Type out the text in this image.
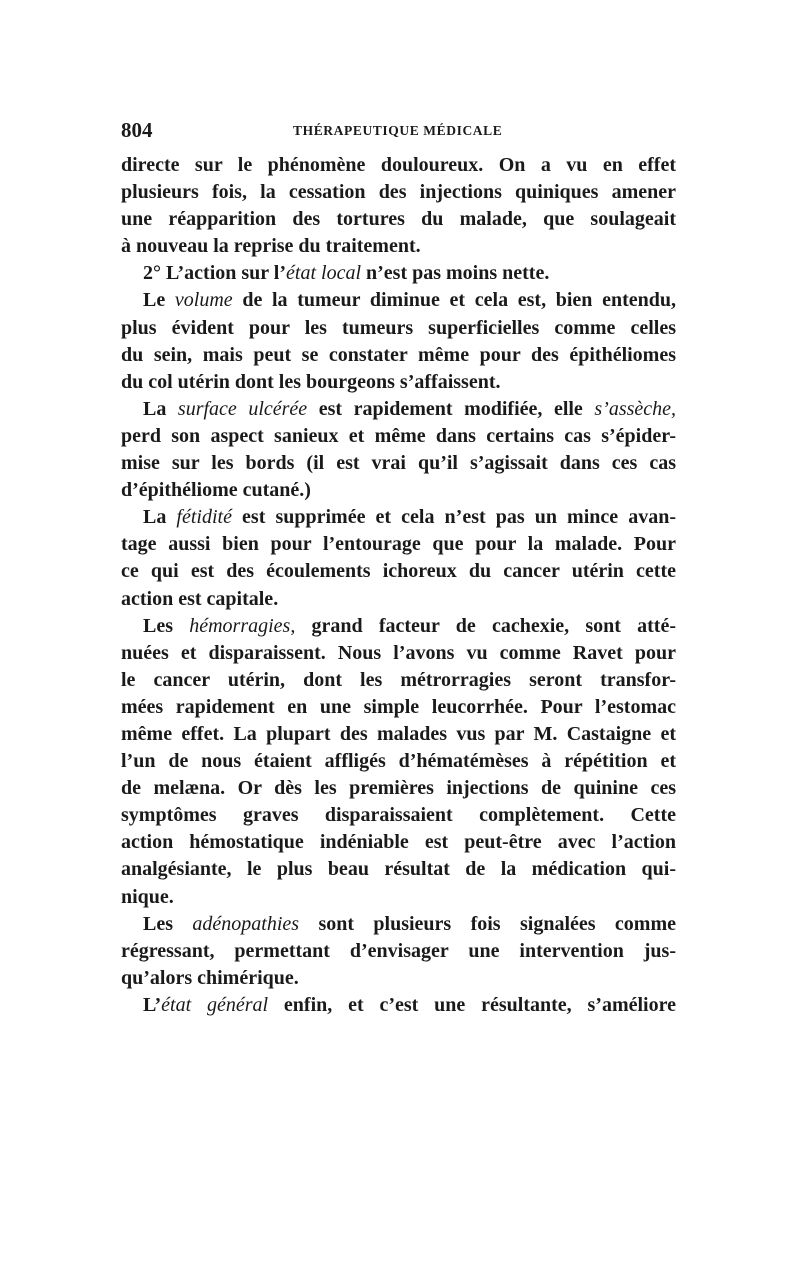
804	THÉRAPEUTIQUE MÉDICALE
directe sur le phénomène douloureux. On a vu en effet
plusieurs fois, la cessation des injections quiniques amener
une réapparition des tortures du malade, que soulageait
à nouveau la reprise du traitement.
2° L’action sur l’état local n’est pas moins nette.
Le volume de la tumeur diminue et cela est, bien entendu,
plus évident pour les tumeurs superficielles comme celles
du sein, mais peut se constater même pour des épithéliomes
du col utérin dont les bourgeons s’affaissent.
La surface ulcérée est rapidement modifiée, elle s’assèche,
perd son aspect sanieux et même dans certains cas s’épider-
mise sur les bords (il est vrai qu’il s’agissait dans ces cas
d’épithéliome cutané.)
La fétidité est supprimée et cela n’est pas un mince avan-
tage aussi bien pour l’entourage que pour la malade. Pour
ce qui est des écoulements ichoreux du cancer utérin cette
action est capitale.
Les hémorragies, grand facteur de cachexie, sont atté-
nuées et disparaissent. Nous l’avons vu comme Ravet pour
le cancer utérin, dont les métrorragies seront transfor-
mées rapidement en une simple leucorrhée. Pour l’estomac
même effet. La plupart des malades vus par M. Castaigne et
l’un de nous étaient affligés d’hématémèses à répétition et
de melæna. Or dès les premières injections de quinine ces
symptômes graves disparaissaient complètement. Cette
action hémostatique indéniable est peut-être avec l’action
analgésiante, le plus beau résultat de la médication qui-
nique.
Les adénopathies sont plusieurs fois signalées comme
régressant, permettant d’envisager une intervention jus-
qu’alors chimérique.
L’état général enfin, et c’est une résultante, s’améliore
